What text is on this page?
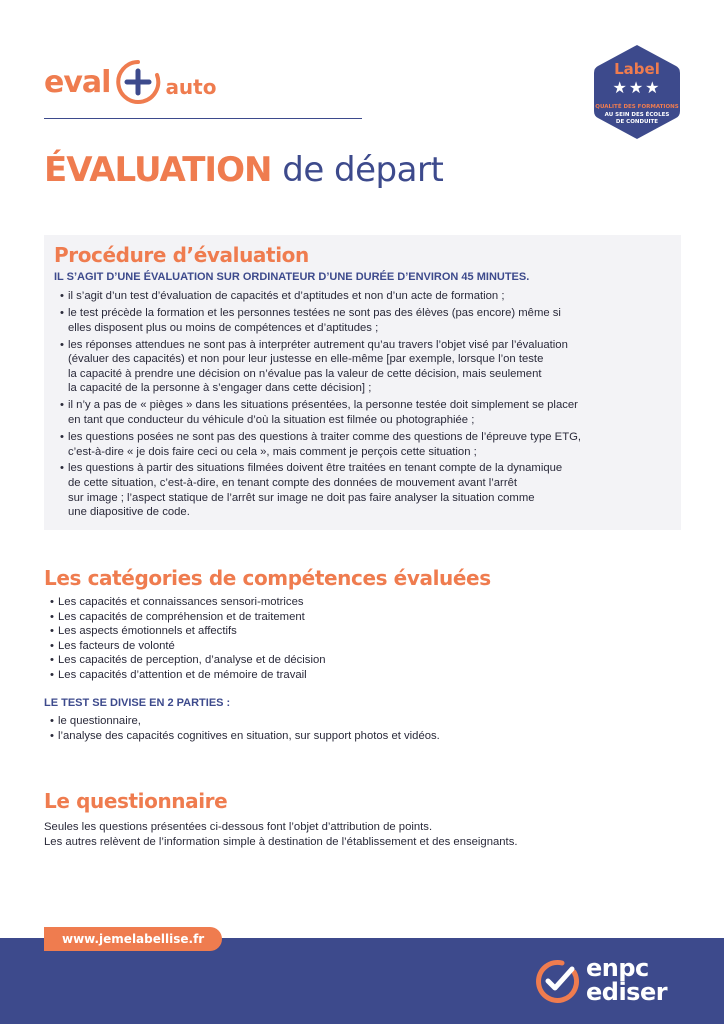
eval	auto
Label
★★★
QUALITÉ DES FORMATIONS
AU SEIN DES ÉCOLES
DE CONDUITE
ÉVALUATION de départ
Procédure d’évaluation
IL S’AGIT D’UNE ÉVALUATION SUR ORDINATEUR D’UNE DURÉE D’ENVIRON 45 MINUTES.
• il s’agit d’un test d’évaluation de capacités et d’aptitudes et non d’un acte de formation ;
• le test précède la formation et les personnes testées ne sont pas des élèves (pas encore) même si
elles disposent plus ou moins de compétences et d’aptitudes ;
• les réponses attendues ne sont pas à interpréter autrement qu’au travers l’objet visé par l’évaluation
(évaluer des capacités) et non pour leur justesse en elle-même [par exemple, lorsque l’on teste
la capacité à prendre une décision on n’évalue pas la valeur de cette décision, mais seulement
la capacité de la personne à s’engager dans cette décision] ;
• il n’y a pas de « pièges » dans les situations présentées, la personne testée doit simplement se placer
en tant que conducteur du véhicule d’où la situation est filmée ou photographiée ;
• les questions posées ne sont pas des questions à traiter comme des questions de l’épreuve type ETG,
c’est-à-dire « je dois faire ceci ou cela », mais comment je perçois cette situation ;
• les questions à partir des situations filmées doivent être traitées en tenant compte de la dynamique
de cette situation, c’est-à-dire, en tenant compte des données de mouvement avant l’arrêt
sur image ; l’aspect statique de l’arrêt sur image ne doit pas faire analyser la situation comme
une diapositive de code.
Les catégories de compétences évaluées
• Les capacités et connaissances sensori-motrices
• Les capacités de compréhension et de traitement
• Les aspects émotionnels et affectifs
• Les facteurs de volonté
• Les capacités de perception, d’analyse et de décision
• Les capacités d’attention et de mémoire de travail
LE TEST SE DIVISE EN 2 PARTIES :
• le questionnaire,
• l’analyse des capacités cognitives en situation, sur support photos et vidéos.
Le questionnaire
Seules les questions présentées ci-dessous font l’objet d’attribution de points.
Les autres relèvent de l’information simple à destination de l’établissement et des enseignants.
www.jemelabellise.fr
enpc
ediser
